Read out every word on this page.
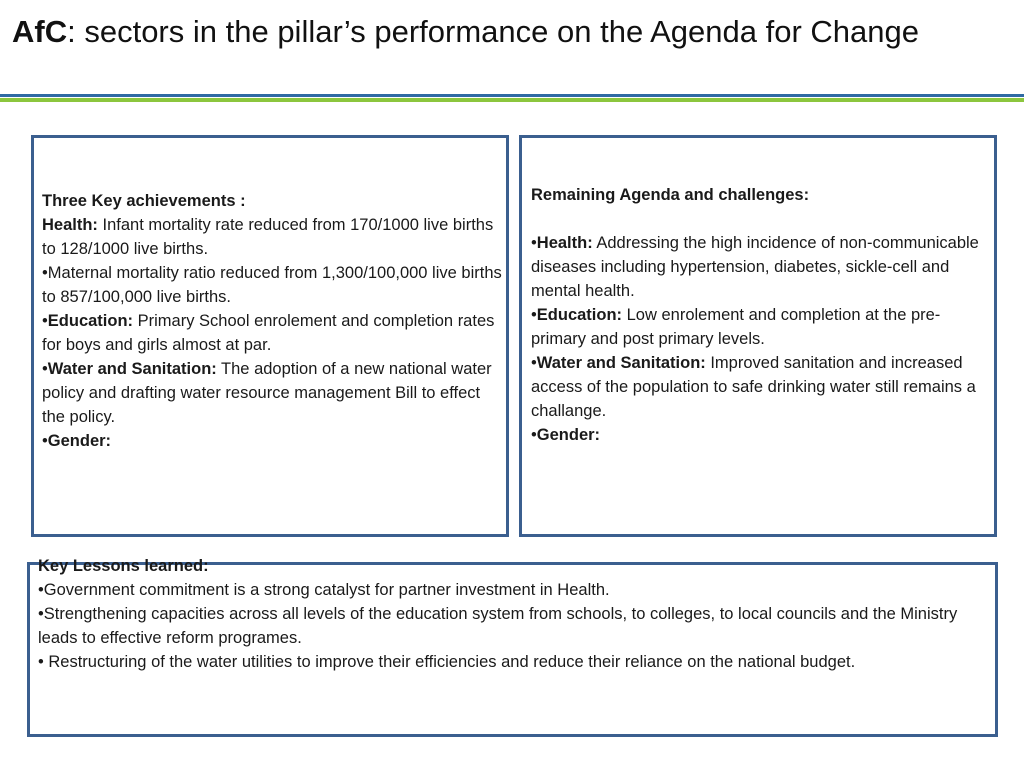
AfC: sectors in the pillar’s performance on the Agenda for Change

Three Key achievements :

Health: Infant mortality rate reduced from 170/1000 live births to 128/1000 live births.

•Maternal mortality ratio reduced from 1,300/100,000 live births to 857/100,000 live births.

•Education: Primary School enrolement and completion rates for boys and girls almost at par.

•Water and Sanitation: The adoption of a new national water policy and drafting water resource management Bill to effect the policy.

•Gender:

Remaining Agenda and challenges:

•Health: Addressing the high incidence of non-communicable diseases including hypertension, diabetes, sickle-cell and mental health.

•Education: Low enrolement and completion at the pre-primary and post primary levels.

•Water and Sanitation: Improved sanitation and increased access of the population to safe drinking water still remains a challange.

•Gender:

Key Lessons learned:

•Government commitment is a strong catalyst for partner investment in Health.

•Strengthening capacities across all levels of the education system from schools, to colleges, to local councils and the Ministry leads to effective reform programes.

• Restructuring of the water utilities to improve their efficiencies and reduce their reliance on the national budget.
